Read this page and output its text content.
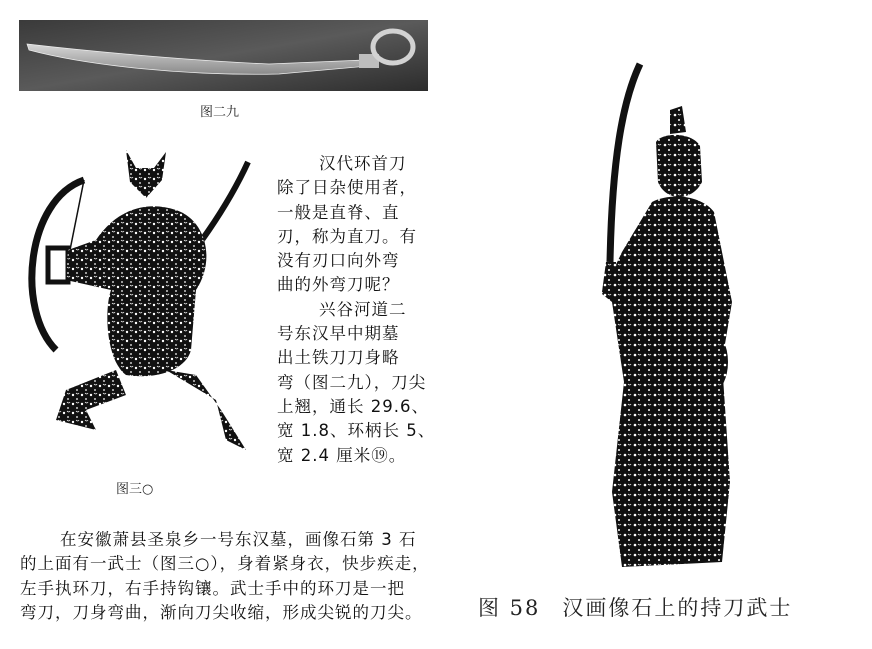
图二九
图三○
汉代环首刀
除了日杂使用者，
一般是直脊、直
刃，称为直刀。有
没有刃口向外弯
曲的外弯刀呢？
兴谷河道二
号东汉早中期墓
出土铁刀刀身略
弯（图二九），刀尖
上翘，通长 29.6、
宽 1.8、环柄长 5、
宽 2.4 厘米⑲。
在安徽萧县圣泉乡一号东汉墓，画像石第 3 石
的上面有一武士（图三○），身着紧身衣，快步疾走，
左手执环刀，右手持钩镶。武士手中的环刀是一把
弯刀，刀身弯曲，渐向刀尖收缩，形成尖锐的刀尖。	图 58 汉画像石上的持刀武士
